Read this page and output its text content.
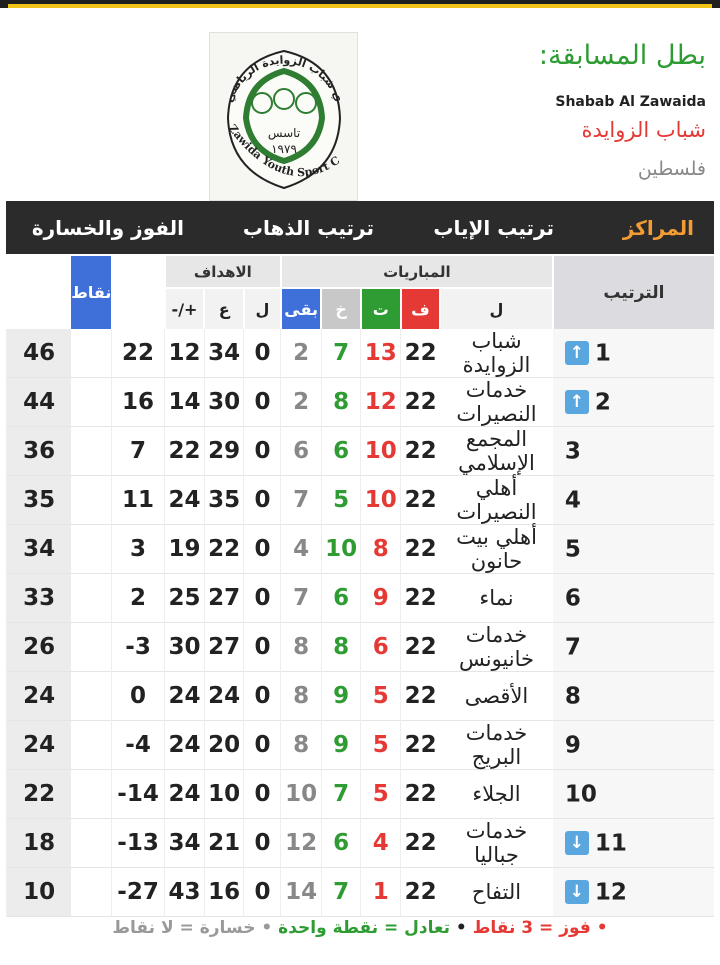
ي شباب الزوايدة الرياضي
Zawida Youth Sport C
تاسس
١٩٧٩
بطل المسابقة:
Shabab Al Zawaida
شباب الزوايدة
فلسطين
المراكز
ترتيب الإياب
ترتيب الذهاب
الفوز والخسارة
الترتيب	المباريات					الاهداف				نقاط	
	ل	ف	ت	خ	بقى	ل	ع	+/-			
1↑	شباب الزوايدة	22	13	7	2	0	34	12	22		46
2↑	خدمات النصيرات	22	12	8	2	0	30	14	16		44
3	المجمع الإسلامي	22	10	6	6	0	29	22	7		36
4	أهلي النصيرات	22	10	5	7	0	35	24	11		35
5	أهلي بيت حانون	22	8	10	4	0	22	19	3		34
6	نماء	22	9	6	7	0	27	25	2		33
7	خدمات خانيونس	22	6	8	8	0	27	30	3-		26
8	الأقصى	22	5	9	8	0	24	24	0		24
9	خدمات البريج	22	5	9	8	0	20	24	4-		24
10	الجلاء	22	5	7	10	0	10	24	14-		22
11↓	خدمات جباليا	22	4	6	12	0	21	34	13-		18
12↓	التفاح	22	1	7	14	0	16	43	27-		10
• فوز = 3 نقاط • تعادل = نقطة واحدة • خسارة = لا نقاط
